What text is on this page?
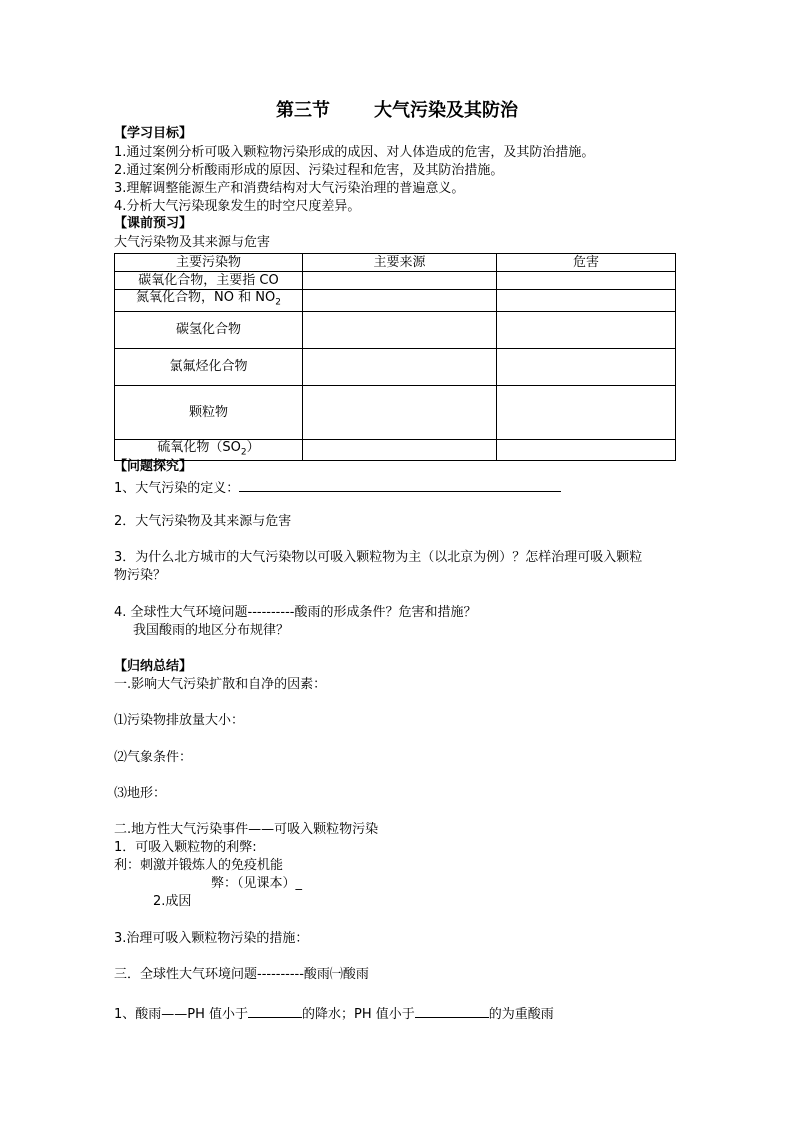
第三节 大气污染及其防治
【学习目标】
1.通过案例分析可吸入颗粒物污染形成的成因、对人体造成的危害，及其防治措施。
2.通过案例分析酸雨形成的原因、污染过程和危害，及其防治措施。
3.理解调整能源生产和消费结构对大气污染治理的普遍意义。
4.分析大气污染现象发生的时空尺度差异。
【课前预习】
大气污染物及其来源与危害
主要污染物	主要来源	危害
碳氧化合物，主要指 CO		
氮氧化合物，NO 和 $NO_2$		
碳氢化合物		
氯氟烃化合物		
颗粒物		
硫氧化物$(SO_2)$		
【问题探究】
1、大气污染的定义：
2．大气污染物及其来源与危害
3．为什么北方城市的大气污染物以可吸入颗粒物为主（以北京为例）？怎样治理可吸入颗粒
物污染？
4. 全球性大气环境问题----------酸雨的形成条件？危害和措施？
我国酸雨的地区分布规律？
【归纳总结】
一.影响大气污染扩散和自净的因素：
⑴污染物排放量大小：
⑵气象条件：
⑶地形：
二.地方性大气污染事件——可吸入颗粒物污染
1．可吸入颗粒物的利弊:
利：刺激并锻炼人的免疫机能
弊：（见课本）_
2.成因
3.治理可吸入颗粒物污染的措施：
三．全球性大气环境问题----------酸雨㈠酸雨
1、酸雨——PH 值小于	的降水；PH 值小于	的为重酸雨
